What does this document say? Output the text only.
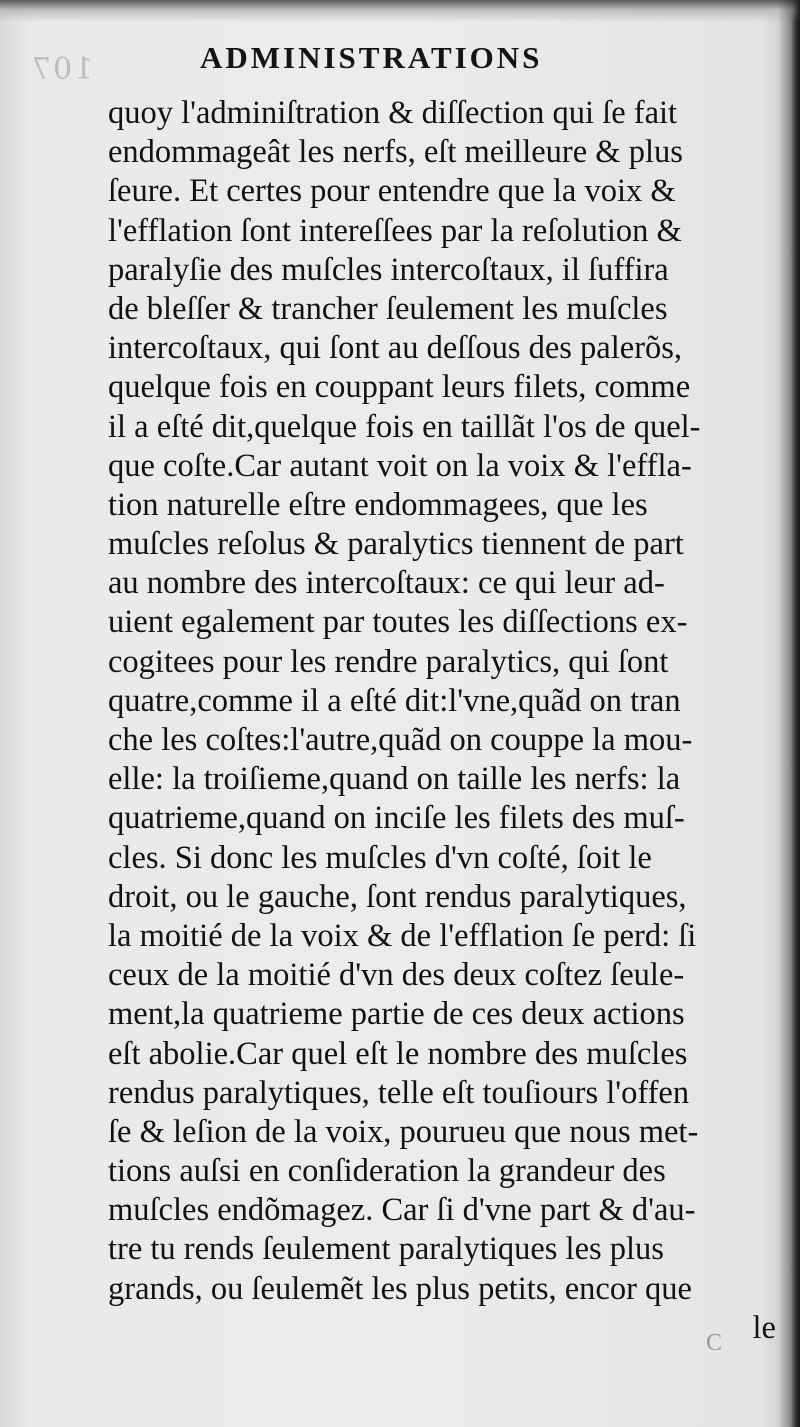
107	ADMINISTRATIONS
quoy l'adminiſtration & diſſection qui ſe fait
endommageât les nerfs, eſt meilleure & plus
ſeure. Et certes pour entendre que la voix &
l'efflation ſont intereſſees par la reſolution &
paralyſie des muſcles intercoſtaux, il ſuffira
de bleſſer & trancher ſeulement les muſcles
intercoſtaux, qui ſont au deſſous des palerõs,
quelque fois en couppant leurs filets, comme
il a eſté dit,quelque fois en taillãt l'os de quel-
que coſte.Car autant voit on la voix & l'effla-
tion naturelle eſtre endommagees, que les
muſcles reſolus & paralytics tiennent de part
au nombre des intercoſtaux: ce qui leur ad-
uient egalement par toutes les diſſections ex-
cogitees pour les rendre paralytics, qui ſont
quatre,comme il a eſté dit:l'vne,quãd on tran
che les coſtes:l'autre,quãd on couppe la mou-
elle: la troiſieme,quand on taille les nerfs: la
quatrieme,quand on inciſe les filets des muſ-
cles. Si donc les muſcles d'vn coſté, ſoit le
droit, ou le gauche, ſont rendus paralytiques,
la moitié de la voix & de l'efflation ſe perd: ſi
ceux de la moitié d'vn des deux coſtez ſeule-
ment,la quatrieme partie de ces deux actions
eſt abolie.Car quel eſt le nombre des muſcles
rendus paralytiques, telle eſt touſiours l'offen
ſe & leſion de la voix, pourueu que nous met-
tions auſsi en conſideration la grandeur des
muſcles endõmagez. Car ſi d'vne part & d'au-
tre tu rends ſeulement paralytiques les plus
grands, ou ſeulemẽt les plus petits, encor que
le
C
